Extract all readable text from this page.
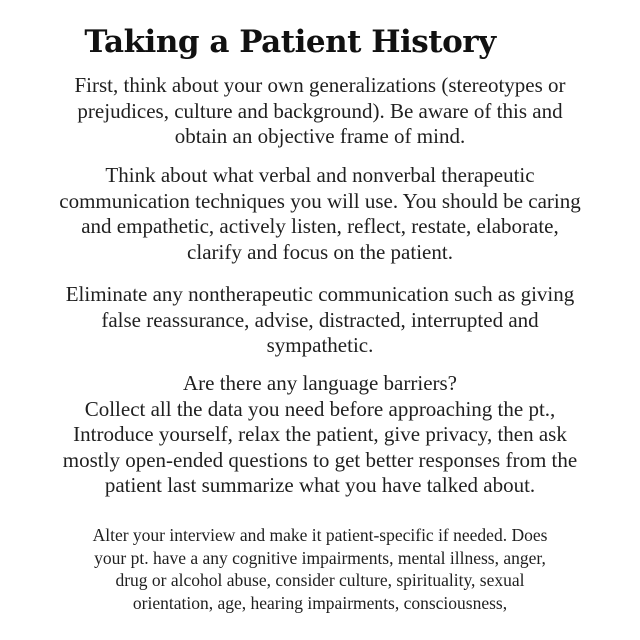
Taking a Patient History
First, think about your own generalizations (stereotypes or
prejudices, culture and background). Be aware of this and
obtain an objective frame of mind.
Think about what verbal and nonverbal therapeutic
communication techniques you will use. You should be caring
and empathetic, actively listen, reflect, restate, elaborate,
clarify and focus on the patient.
Eliminate any nontherapeutic communication such as giving
false reassurance, advise, distracted, interrupted and
sympathetic.
Are there any language barriers?
Collect all the data you need before approaching the pt.,
Introduce yourself, relax the patient, give privacy, then ask
mostly open-ended questions to get better responses from the
patient last summarize what you have talked about.
Alter your interview and make it patient-specific if needed. Does
your pt. have a any cognitive impairments, mental illness, anger,
drug or alcohol abuse, consider culture, spirituality, sexual
orientation, age, hearing impairments, consciousness,
